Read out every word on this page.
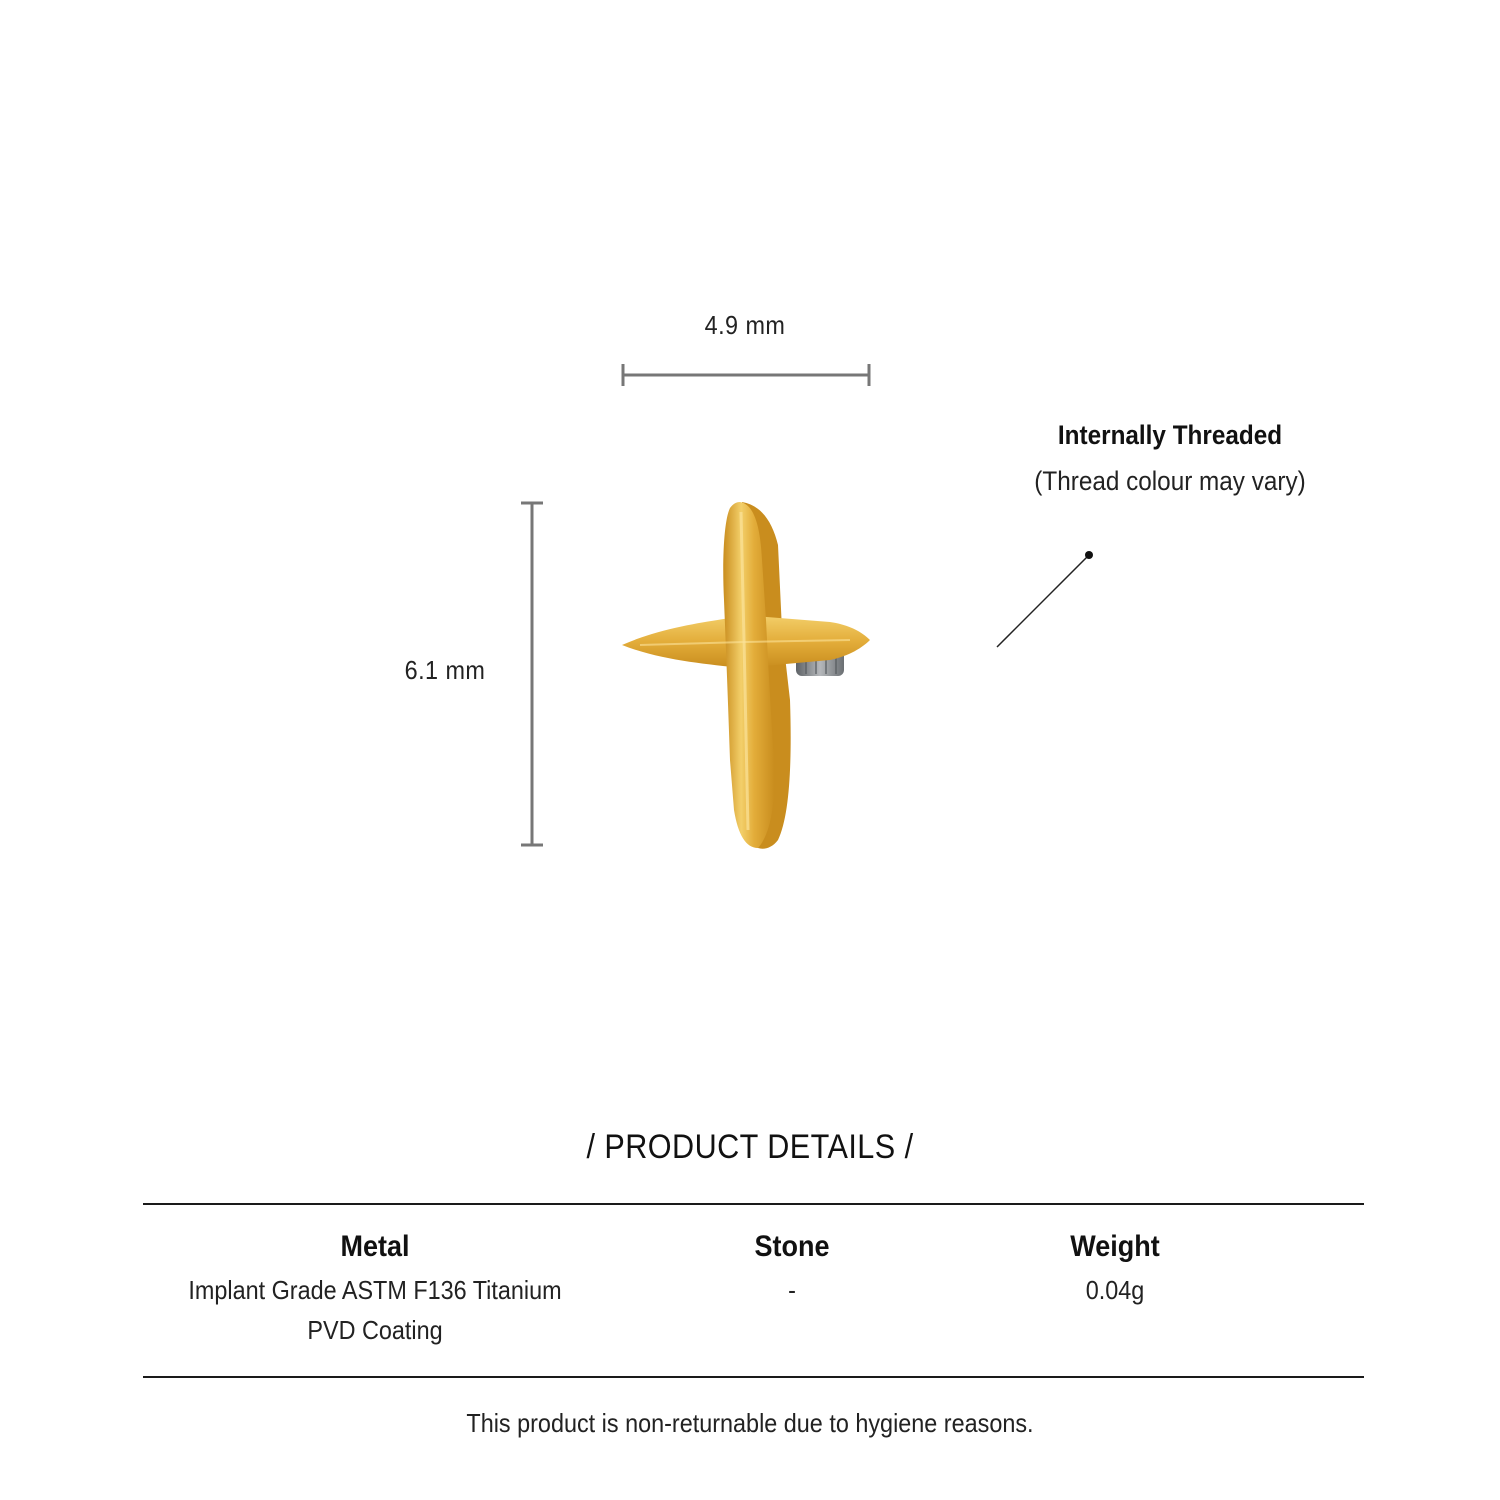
4.9 mm
6.1 mm
Internally Threaded
(Thread colour may vary)
/ PRODUCT DETAILS /
Metal
Implant Grade ASTM F136 Titanium
PVD Coating
Stone
-
Weight
0.04g
This product is non-returnable due to hygiene reasons.
